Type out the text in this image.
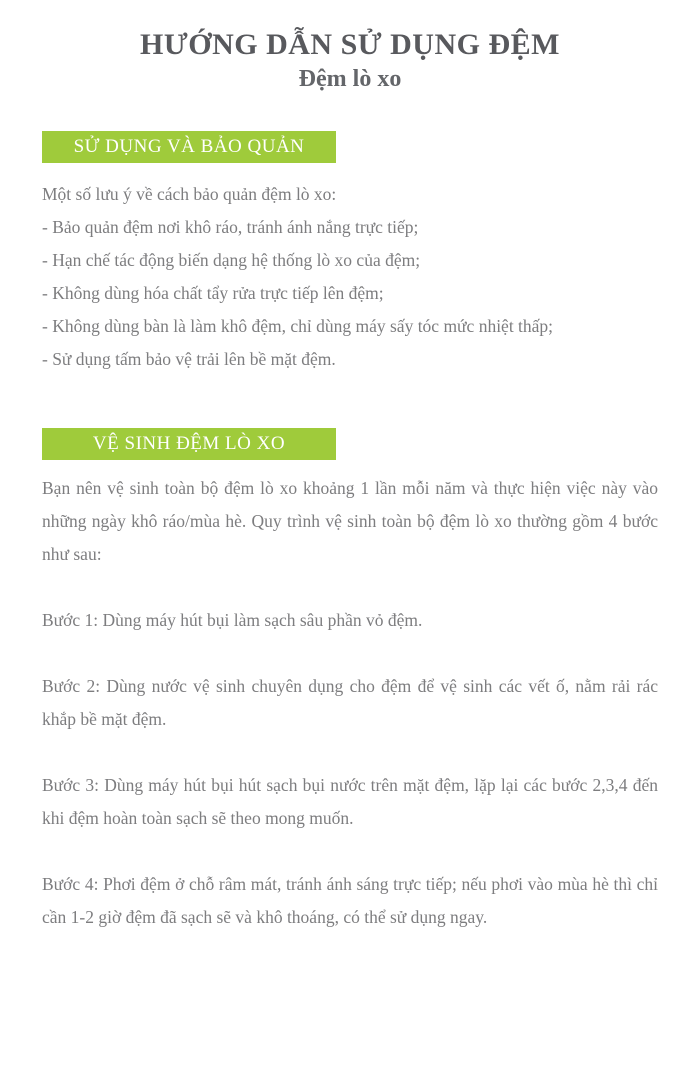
HƯỚNG DẪN SỬ DỤNG ĐỆM
Đệm lò xo
SỬ DỤNG VÀ BẢO QUẢN
Một số lưu ý về cách bảo quản đệm lò xo:
- Bảo quản đệm nơi khô ráo, tránh ánh nắng trực tiếp;
- Hạn chế tác động biến dạng hệ thống lò xo của đệm;
- Không dùng hóa chất tẩy rửa trực tiếp lên đệm;
- Không dùng bàn là làm khô đệm, chỉ dùng máy sấy tóc mức nhiệt thấp;
- Sử dụng tấm bảo vệ trải lên bề mặt đệm.
VỆ SINH ĐỆM LÒ XO

Bạn nên vệ sinh toàn bộ đệm lò xo khoảng 1 lần mỗi năm và thực hiện việc này vào những ngày khô ráo/mùa hè. Quy trình vệ sinh toàn bộ đệm lò xo thường gồm 4 bước như sau:

Bước 1: Dùng máy hút bụi làm sạch sâu phần vỏ đệm.

Bước 2: Dùng nước vệ sinh chuyên dụng cho đệm để vệ sinh các vết ố, nằm rải rác khắp bề mặt đệm.

Bước 3: Dùng máy hút bụi hút sạch bụi nước trên mặt đệm, lặp lại các bước 2,3,4 đến khi đệm hoàn toàn sạch sẽ theo mong muốn.

Bước 4: Phơi đệm ở chỗ râm mát, tránh ánh sáng trực tiếp; nếu phơi vào mùa hè thì chỉ cần 1-2 giờ đệm đã sạch sẽ và khô thoáng, có thể sử dụng ngay.
